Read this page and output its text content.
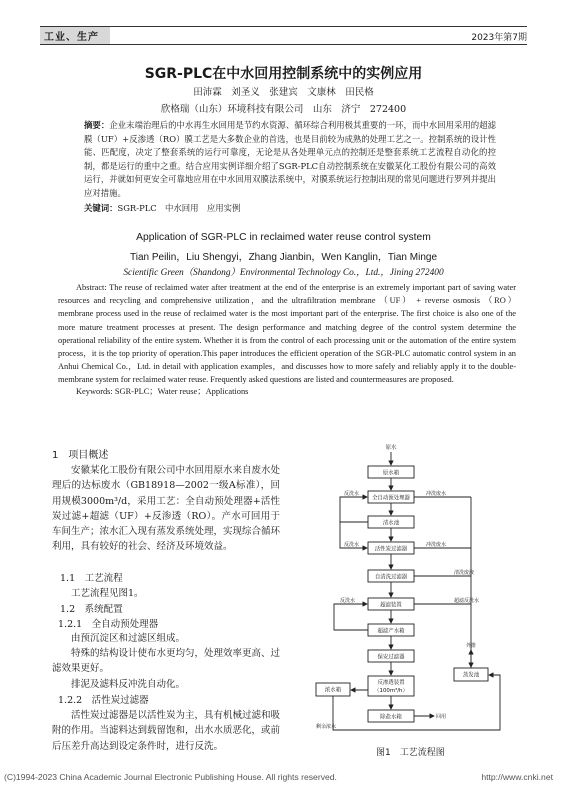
工业、生产	2023年第7期
SGR-PLC在中水回用控制系统中的实例应用
田沛霖　刘圣义　张建宾　文康林　田民格
欣格瑞（山东）环境科技有限公司　山东　济宁　272400
摘要：企业末端治理后的中水再生水回用是节约水资源、循环综合利用极其重要的一环，而中水回用采用的超滤膜（UF）+反渗透（RO）膜工艺是大多数企业的首选，也是目前较为成熟的处理工艺之一。控制系统的设计性能、匹配度，决定了整套系统的运行可靠度，无论是从各处理单元点的控制还是整套系统工艺流程自动化的控制，都是运行的重中之重。结合应用实例详细介绍了SGR-PLC自动控制系统在安徽某化工股份有限公司的高效运行，并就如何更安全可靠地应用在中水回用双膜法系统中，对膜系统运行控制出现的常见问题进行罗列并提出应对措施。
关键词：SGR-PLC　中水回用　应用实例
Application of SGR-PLC in reclaimed water reuse control system
Tian Peilin，Liu Shengyi，Zhang Jianbin，Wen Kanglin，Tian Minge
Scientific Green（Shandong）Environmental Technology Co.，Ltd.，Jining 272400
Abstract: The reuse of reclaimed water after treatment at the end of the enterprise is an extremely important part of saving water resources and recycling and comprehensive utilization，and the ultrafiltration membrane （UF） + reverse osmosis （RO） membrane process used in the reuse of reclaimed water is the most important part of the enterprise. The first choice is also one of the more mature treatment processes at present. The design performance and matching degree of the control system determine the operational reliability of the entire system. Whether it is from the control of each processing unit or the automation of the entire system process，it is the top priority of operation.This paper introduces the efficient operation of the SGR-PLC automatic control system in an Anhui Chemical Co.，Ltd. in detail with application examples，and discusses how to more safely and reliably apply it to the double-membrane system for reclaimed water reuse. Frequently asked questions are listed and countermeasures are proposed.
Keywords: SGR-PLC；Water reuse；Applications
1　项目概述
安徽某化工股份有限公司中水回用原水来自废水处理后的达标废水（GB18918—2002一级A标准），回用规模3000m³/d，采用工艺：全自动预处理器+活性炭过滤+超滤（UF）+反渗透（RO）。产水可回用于车间生产；浓水汇入现有蒸发系统处理，实现综合循环利用，具有较好的社会、经济及环境效益。
1.1　工艺流程
工艺流程见图1。
1.2　系统配置
1.2.1　全自动预处理器
由预沉淀区和过滤区组成。
特殊的结构设计使布水更均匀，处理效率更高、过滤效果更好。
排泥及滤料反冲洗自动化。
1.2.2　活性炭过滤器
活性炭过滤器是以活性炭为主，具有机械过滤和吸附的作用。当滤料达到载留饱和，出水水质恶化，或前后压差升高达到设定条件时，进行反洗。
原水
原水箱
全自动预处理器
清水池
活性炭过滤器
自清洗过滤器
超滤装置
超滤产水箱
保安过滤器
反渗透装置
（100m³/h）
除盐水箱
浓水箱
蒸发池
反洗水	冲洗废水
反洗水	冲洗废水
清洗废液
超滤反洗水
反洗水
外排
回用
剩余浓水
图1　工艺流程图
(C)1994-2023 China Academic Journal Electronic Publishing House. All rights reserved.	http://www.cnki.net
